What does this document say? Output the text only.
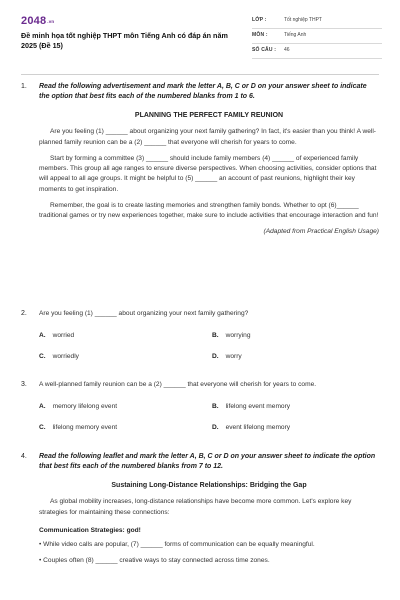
2048.vn
Đề minh họa tốt nghiệp THPT môn Tiếng Anh có đáp án năm 2025 (Đề 15)
LỚP :	Tốt nghiệp THPT
MÔN :	Tiếng Anh
SỐ CÂU :	46
1.	Read the following advertisement and mark the letter A, B, C or D on your answer sheet to indicate the option that best fits each of the numbered blanks from 1 to 6.
PLANNING THE PERFECT FAMILY REUNION

Are you feeling (1) ______ about organizing your next family gathering? In fact, it's easier than you think! A well-planned family reunion can be a (2) ______ that everyone will cherish for years to come.

Start by forming a committee (3) ______ should include family members (4) ______ of experienced family members. This group all age ranges to ensure diverse perspectives. When choosing activities, consider options that will appeal to all age groups. It might be helpful to (5) ______ an account of past reunions, highlight their key moments to get inspiration.

Remember, the goal is to create lasting memories and strengthen family bonds. Whether to opt (6)______ traditional games or try new experiences together, make sure to include activities that encourage interaction and fun!

(Adapted from Practical English Usage)
2.	Are you feeling (1) ______ about organizing your next family gathering?
A. worried	B. worrying
C. worriedly	D. worry
3.	A well-planned family reunion can be a (2) ______ that everyone will cherish for years to come.
A. memory lifelong event	B. lifelong event memory
C. lifelong memory event	D. event lifelong memory
4.	Read the following leaflet and mark the letter A, B, C or D on your answer sheet to indicate the option that best fits each of the numbered blanks from 7 to 12.
Sustaining Long-Distance Relationships: Bridging the Gap

As global mobility increases, long-distance relationships have become more common. Let's explore key strategies for maintaining these connections:

Communication Strategies: god!

• While video calls are popular, (7) ______ forms of communication can be equally meaningful.

• Couples often (8) ______ creative ways to stay connected across time zones.
